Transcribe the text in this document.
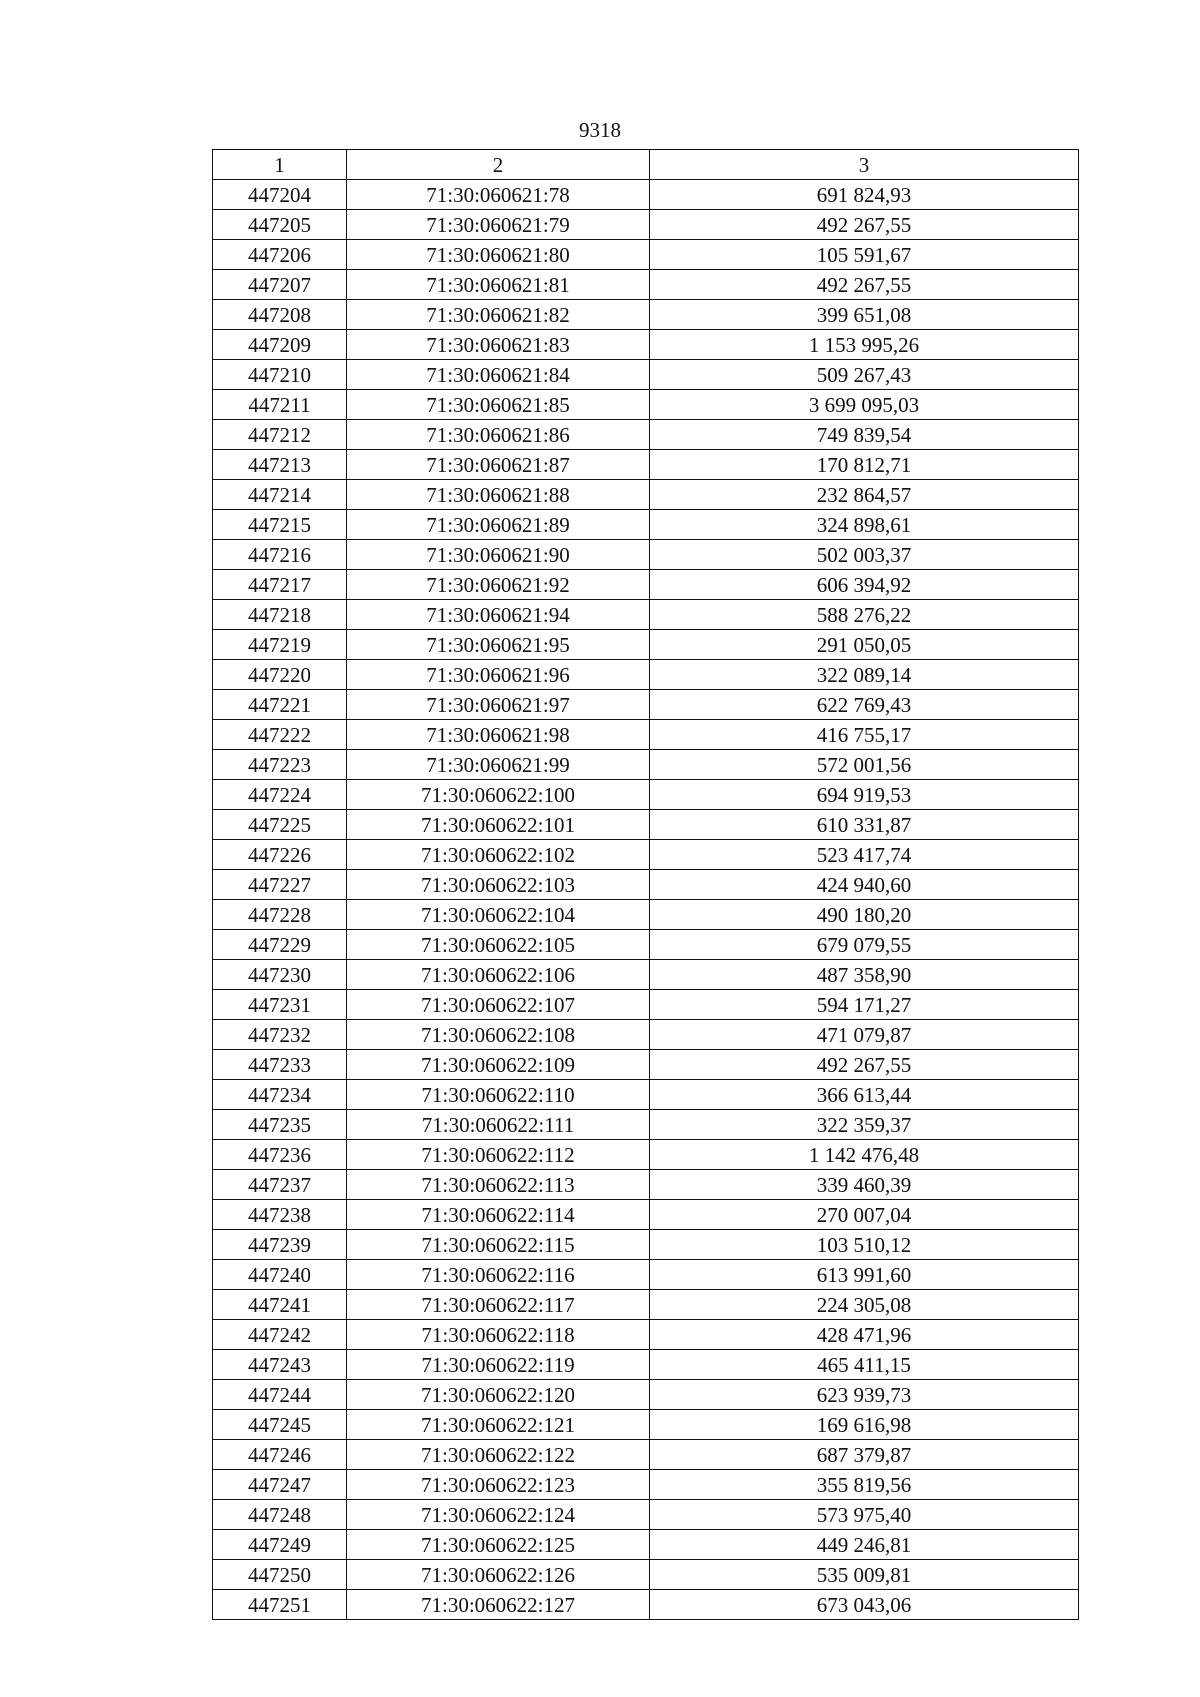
9318
1	2	3
447204	71:30:060621:78	691 824,93
447205	71:30:060621:79	492 267,55
447206	71:30:060621:80	105 591,67
447207	71:30:060621:81	492 267,55
447208	71:30:060621:82	399 651,08
447209	71:30:060621:83	1 153 995,26
447210	71:30:060621:84	509 267,43
447211	71:30:060621:85	3 699 095,03
447212	71:30:060621:86	749 839,54
447213	71:30:060621:87	170 812,71
447214	71:30:060621:88	232 864,57
447215	71:30:060621:89	324 898,61
447216	71:30:060621:90	502 003,37
447217	71:30:060621:92	606 394,92
447218	71:30:060621:94	588 276,22
447219	71:30:060621:95	291 050,05
447220	71:30:060621:96	322 089,14
447221	71:30:060621:97	622 769,43
447222	71:30:060621:98	416 755,17
447223	71:30:060621:99	572 001,56
447224	71:30:060622:100	694 919,53
447225	71:30:060622:101	610 331,87
447226	71:30:060622:102	523 417,74
447227	71:30:060622:103	424 940,60
447228	71:30:060622:104	490 180,20
447229	71:30:060622:105	679 079,55
447230	71:30:060622:106	487 358,90
447231	71:30:060622:107	594 171,27
447232	71:30:060622:108	471 079,87
447233	71:30:060622:109	492 267,55
447234	71:30:060622:110	366 613,44
447235	71:30:060622:111	322 359,37
447236	71:30:060622:112	1 142 476,48
447237	71:30:060622:113	339 460,39
447238	71:30:060622:114	270 007,04
447239	71:30:060622:115	103 510,12
447240	71:30:060622:116	613 991,60
447241	71:30:060622:117	224 305,08
447242	71:30:060622:118	428 471,96
447243	71:30:060622:119	465 411,15
447244	71:30:060622:120	623 939,73
447245	71:30:060622:121	169 616,98
447246	71:30:060622:122	687 379,87
447247	71:30:060622:123	355 819,56
447248	71:30:060622:124	573 975,40
447249	71:30:060622:125	449 246,81
447250	71:30:060622:126	535 009,81
447251	71:30:060622:127	673 043,06
